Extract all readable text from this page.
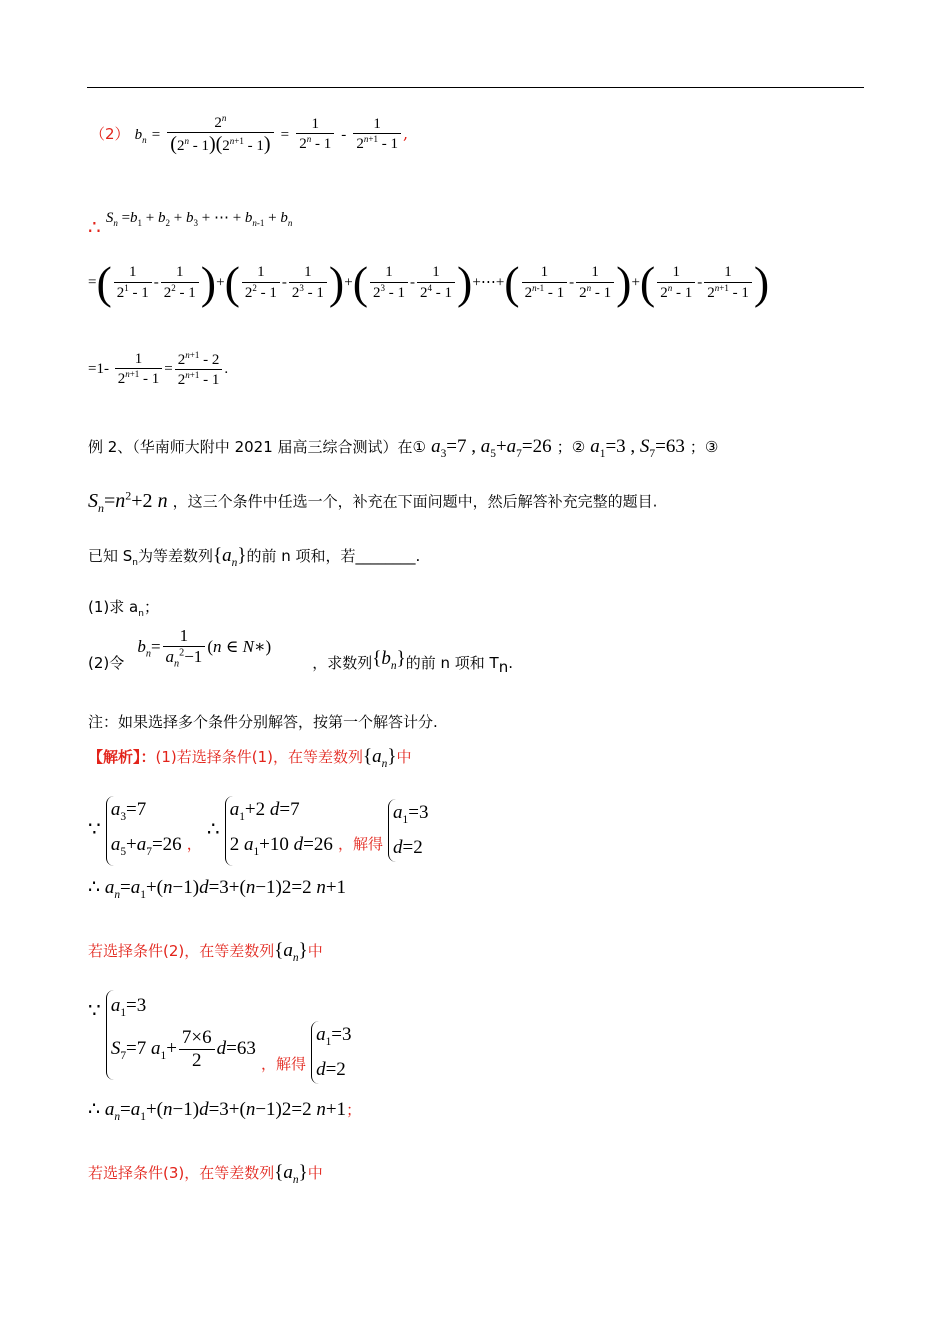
（2） $b_n = \frac{2^n}{(2^n - 1)(2^{n+1} - 1)} = \frac{1}{2^n - 1} - \frac{1}{2^{n+1} - 1}$ ,
∴ $S_n =b_1 + b_2 + b_3$ + ⋯ + $b_{n-1} + b_n$
=( $\frac{1}{2^1 - 1} - \frac{1}{2^2 - 1}$ )+( $\frac{1}{2^2 - 1} - \frac{1}{2^3 - 1}$ )+( $\frac{1}{2^3 - 1} - \frac{1}{2^4 - 1}$ )+⋯+( $\frac{1}{2^{n-1} - 1} - \frac{1}{2^n - 1}$ )+( $\frac{1}{2^n - 1} - \frac{1}{2^{n+1} - 1}$ )
$=1- \frac{1}{2^{n+1} - 1} = \frac{2^{n+1} - 2}{2^{n+1} - 1}$ .
例 2、（华南师大附中 2021 届高三综合测试）在① $a_3=7$ , $a_5+a_7=26$ ；② $a_1=3$ , $S_7=63$ ；③
$S_n=n^2+2$ n ，这三个条件中任选一个，补充在下面问题中，然后解答补充完整的题目.
已知 $S_n$为等差数列$\{a_n\}$的前 n 项和，若________.
(1)求 $a_n$；
(2)令 $b_n= \frac{1}{a_n^2-1} (n$ ∈ N∗) ，求数列$\{b_n\}$的前 n 项和 $T_n$.
注：如果选择多个条件分别解答，按第一个解答计分.
【解析】：(1)若选择条件(1)，在等差数列$\{a_n\}$中
∵
$a_3=7$
$a_5+a_7=26$ ， ∴
$a_1+2$ d=7
2 $a_1+10$ d=26 ，解得
$a_1=3$
d=2
∴ $a_n=a_1+(n-1)d=3+(n-1)2=2$ n+1
若选择条件(2)，在等差数列$\{a_n\}$中
∵ $a_1=3$
$S_7=7$ $a_1+ \frac{7\times 6}{2} d=63$
，解得
$a_1=3$
d=2
∴ $a_n=a_1+(n-1)d=3+(n-1)2=2$ n+1；
若选择条件(3)，在等差数列$\{a_n\}$中
